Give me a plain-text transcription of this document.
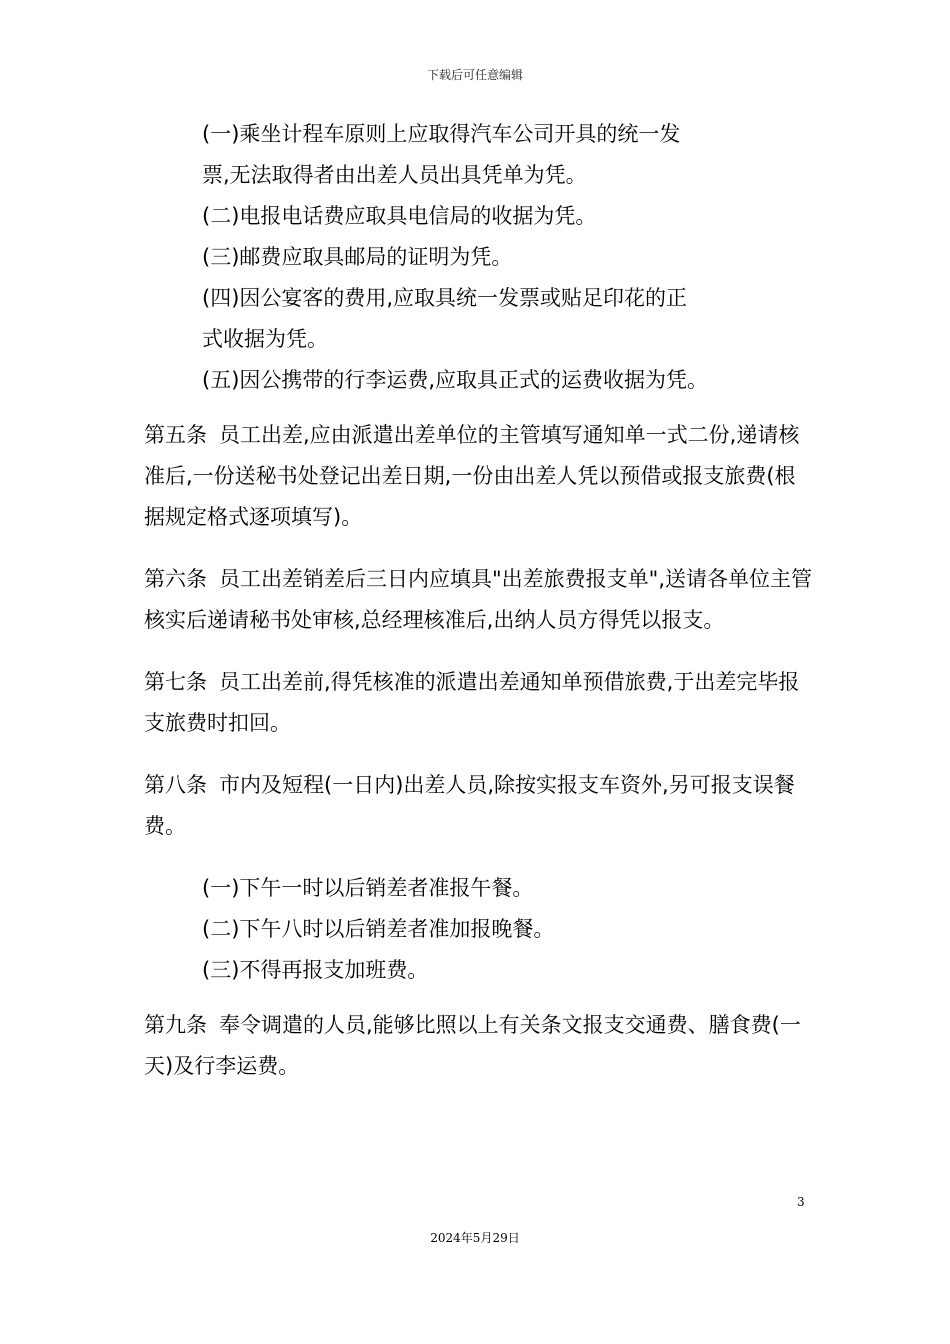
下载后可任意编辑
(一)乘坐计程车原则上应取得汽车公司开具的统一发
票,无法取得者由出差人员出具凭单为凭。
(二)电报电话费应取具电信局的收据为凭。
(三)邮费应取具邮局的证明为凭。
(四)因公宴客的费用,应取具统一发票或贴足印花的正
式收据为凭。
(五)因公携带的行李运费,应取具正式的运费收据为凭。
第五条 员工出差,应由派遣出差单位的主管填写通知单一式二份,递请核准后,一份送秘书处登记出差日期,一份由出差人凭以预借或报支旅费(根据规定格式逐项填写)。
第六条 员工出差销差后三日内应填具"出差旅费报支单",送请各单位主管核实后递请秘书处审核,总经理核准后,出纳人员方得凭以报支。
第七条 员工出差前,得凭核准的派遣出差通知单预借旅费,于出差完毕报支旅费时扣回。
第八条 市内及短程(一日内)出差人员,除按实报支车资外,另可报支误餐费。
(一)下午一时以后销差者准报午餐。
(二)下午八时以后销差者准加报晚餐。
(三)不得再报支加班费。
第九条 奉令调遣的人员,能够比照以上有关条文报支交通费、膳食费(一天)及行李运费。
3
2024年5月29日
